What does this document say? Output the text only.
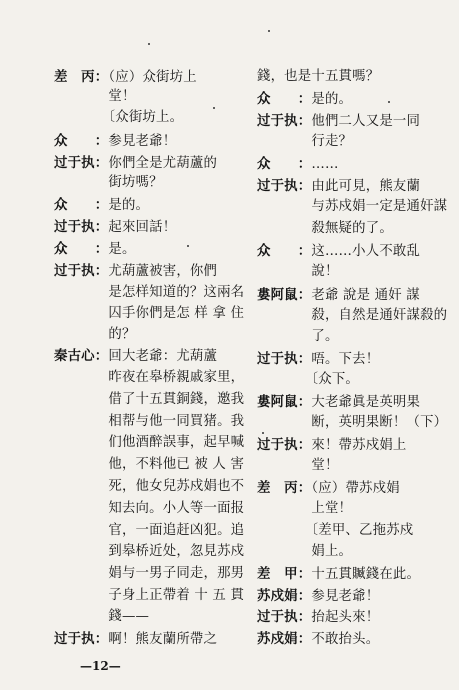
差　丙：（应）众街坊上
　　　　堂！
　　　　〔众街坊上。
众　　：参見老爺！
过于执：你們全是尤葫蘆的
　　　　街坊嗎？
众　　：是的。
过于执：起來回話！
众　　：是。
过于执：尤葫蘆被害，你們
　　　　是怎样知道的？这兩名
　　　　囚手你們是怎 样 拿 住
　　　　的？
秦古心：回大老爺：尤葫蘆
　　　　昨夜在皋桥親戚家里，
　　　　借了十五貫銅錢，邀我
　　　　相帮与他一同買猪。我
　　　　们他酒醉誤事，起早喊
　　　　他，不料他已 被 人 害
　　　　死，他女兒苏戍娟也不
　　　　知去向。小人等一面报
　　　　官，一面追赶凶犯。追
　　　　到皋桥近处，忽見苏戍
　　　　娟与一男子同走，那男
　　　　子身上正帶着 十 五 貫
　　　　錢——
过于执：啊！熊友蘭所帶之
錢，也是十五貫嗎？
众　　：是的。
过于执：他們二人又是一同
　　　　行走？
众　　：……
过于执：由此可見，熊友蘭
　　　　与苏戍娟一定是通奸謀
　　　　殺無疑的了。
众　　：这……小人不敢乱
　　　　說！
婁阿鼠：老爺 說是 通奸 謀
　　　　殺，自然是通奸謀殺的
　　　　了。
过于执：唔。下去！
　　　　〔众下。
婁阿鼠：大老爺眞是英明果
　　　　断，英明果断！（下）
过于执：來！帶苏戍娟上
　　　　堂！
差　丙：（应）帶苏戍娟
　　　　上堂！
　　　　〔差甲、乙拖苏戍
　　　　娟上。
差　甲：十五貫贓錢在此。
苏戍娟：参見老爺！
过于执：抬起头來！
苏戍娟：不敢抬头。
—12—
